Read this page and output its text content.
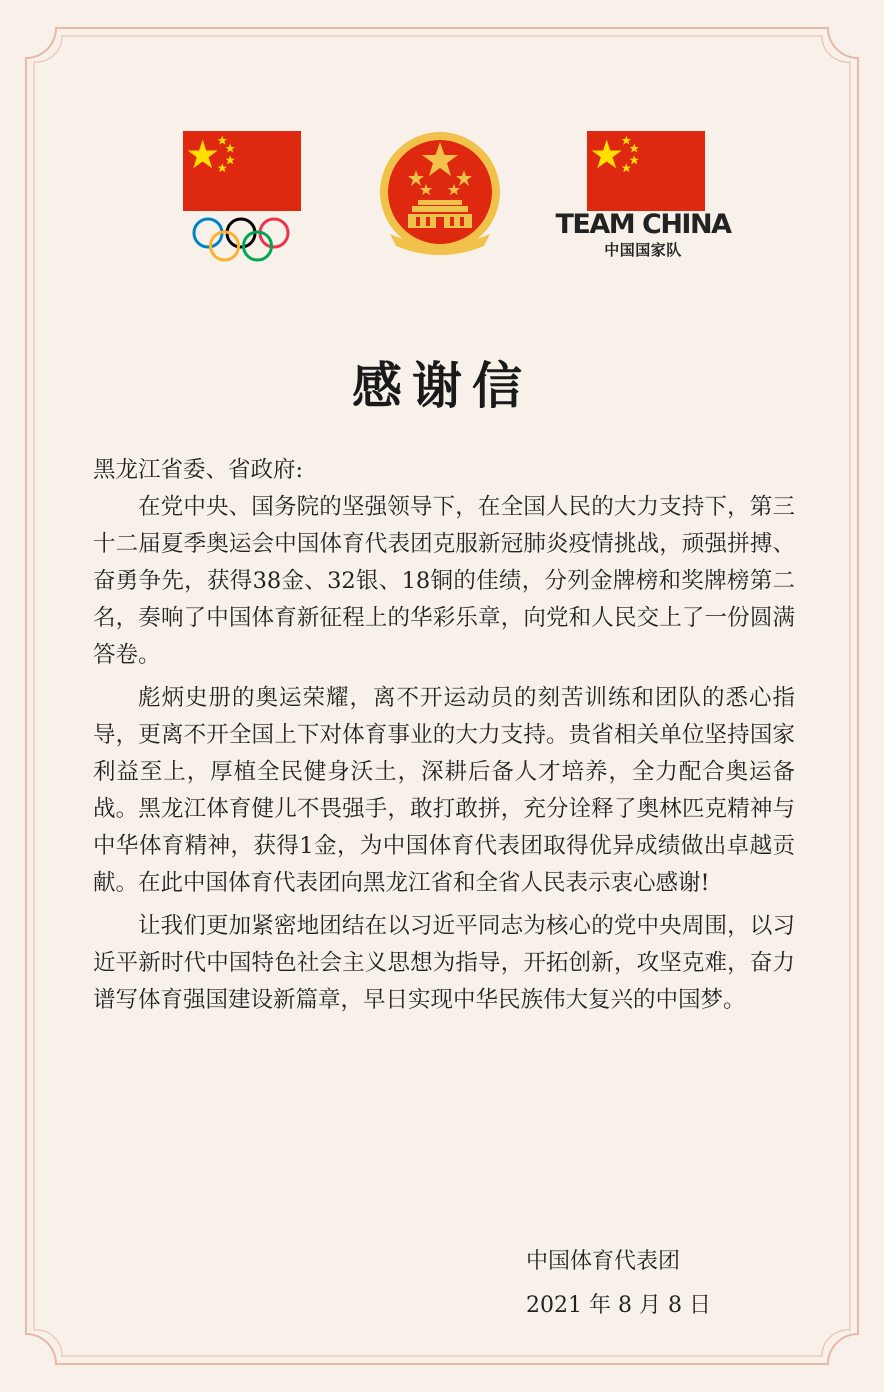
TEAM CHINA
中国国家队
感谢信

黑龙江省委、省政府:

在党中央、国务院的坚强领导下，在全国人民的大力支持下，第三十二届夏季奥运会中国体育代表团克服新冠肺炎疫情挑战，顽强拼搏、奋勇争先，获得38金、32银、18铜的佳绩，分列金牌榜和奖牌榜第二名，奏响了中国体育新征程上的华彩乐章，向党和人民交上了一份圆满答卷。

彪炳史册的奥运荣耀，离不开运动员的刻苦训练和团队的悉心指导，更离不开全国上下对体育事业的大力支持。贵省相关单位坚持国家利益至上，厚植全民健身沃土，深耕后备人才培养，全力配合奥运备战。黑龙江体育健儿不畏强手，敢打敢拼，充分诠释了奥林匹克精神与中华体育精神，获得1金，为中国体育代表团取得优异成绩做出卓越贡献。在此中国体育代表团向黑龙江省和全省人民表示衷心感谢!

让我们更加紧密地团结在以习近平同志为核心的党中央周围，以习近平新时代中国特色社会主义思想为指导，开拓创新，攻坚克难，奋力谱写体育强国建设新篇章，早日实现中华民族伟大复兴的中国梦。

中国体育代表团
2021 年 8 月 8 日
